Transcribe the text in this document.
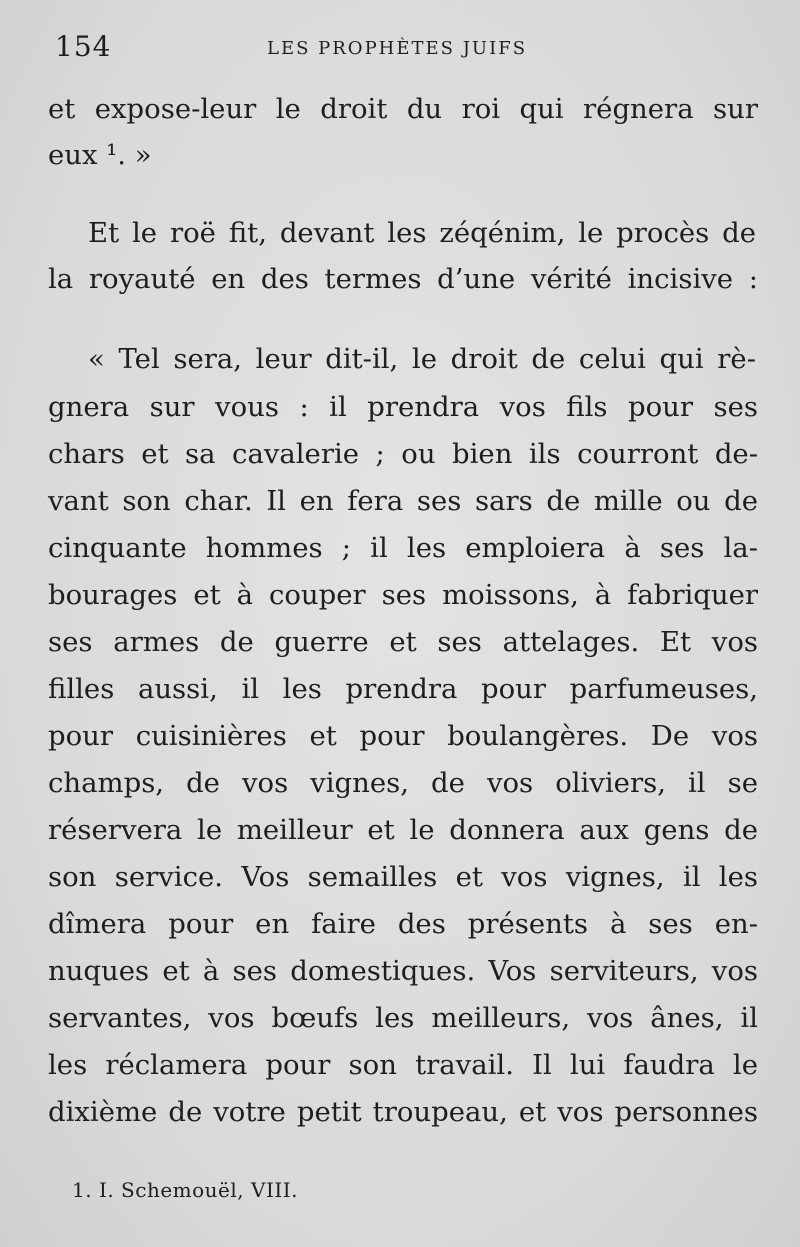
154	LES PROPHÈTES JUIFS
et expose-leur le droit du roi qui régnera sur
eux ¹. »
Et le roë fit, devant les zéqénim, le procès de
la royauté en des termes d’une vérité incisive :
« Tel sera, leur dit-il, le droit de celui qui rè-
gnera sur vous : il prendra vos fils pour ses
chars et sa cavalerie ; ou bien ils courront de-
vant son char. Il en fera ses sars de mille ou de
cinquante hommes ; il les emploiera à ses la-
bourages et à couper ses moissons, à fabriquer
ses armes de guerre et ses attelages. Et vos
filles aussi, il les prendra pour parfumeuses,
pour cuisinières et pour boulangères. De vos
champs, de vos vignes, de vos oliviers, il se
réservera le meilleur et le donnera aux gens de
son service. Vos semailles et vos vignes, il les
dîmera pour en faire des présents à ses en-
nuques et à ses domestiques. Vos serviteurs, vos
servantes, vos bœufs les meilleurs, vos ânes, il
les réclamera pour son travail. Il lui faudra le
dixième de votre petit troupeau, et vos personnes
1. I. Schemouël, VIII.
